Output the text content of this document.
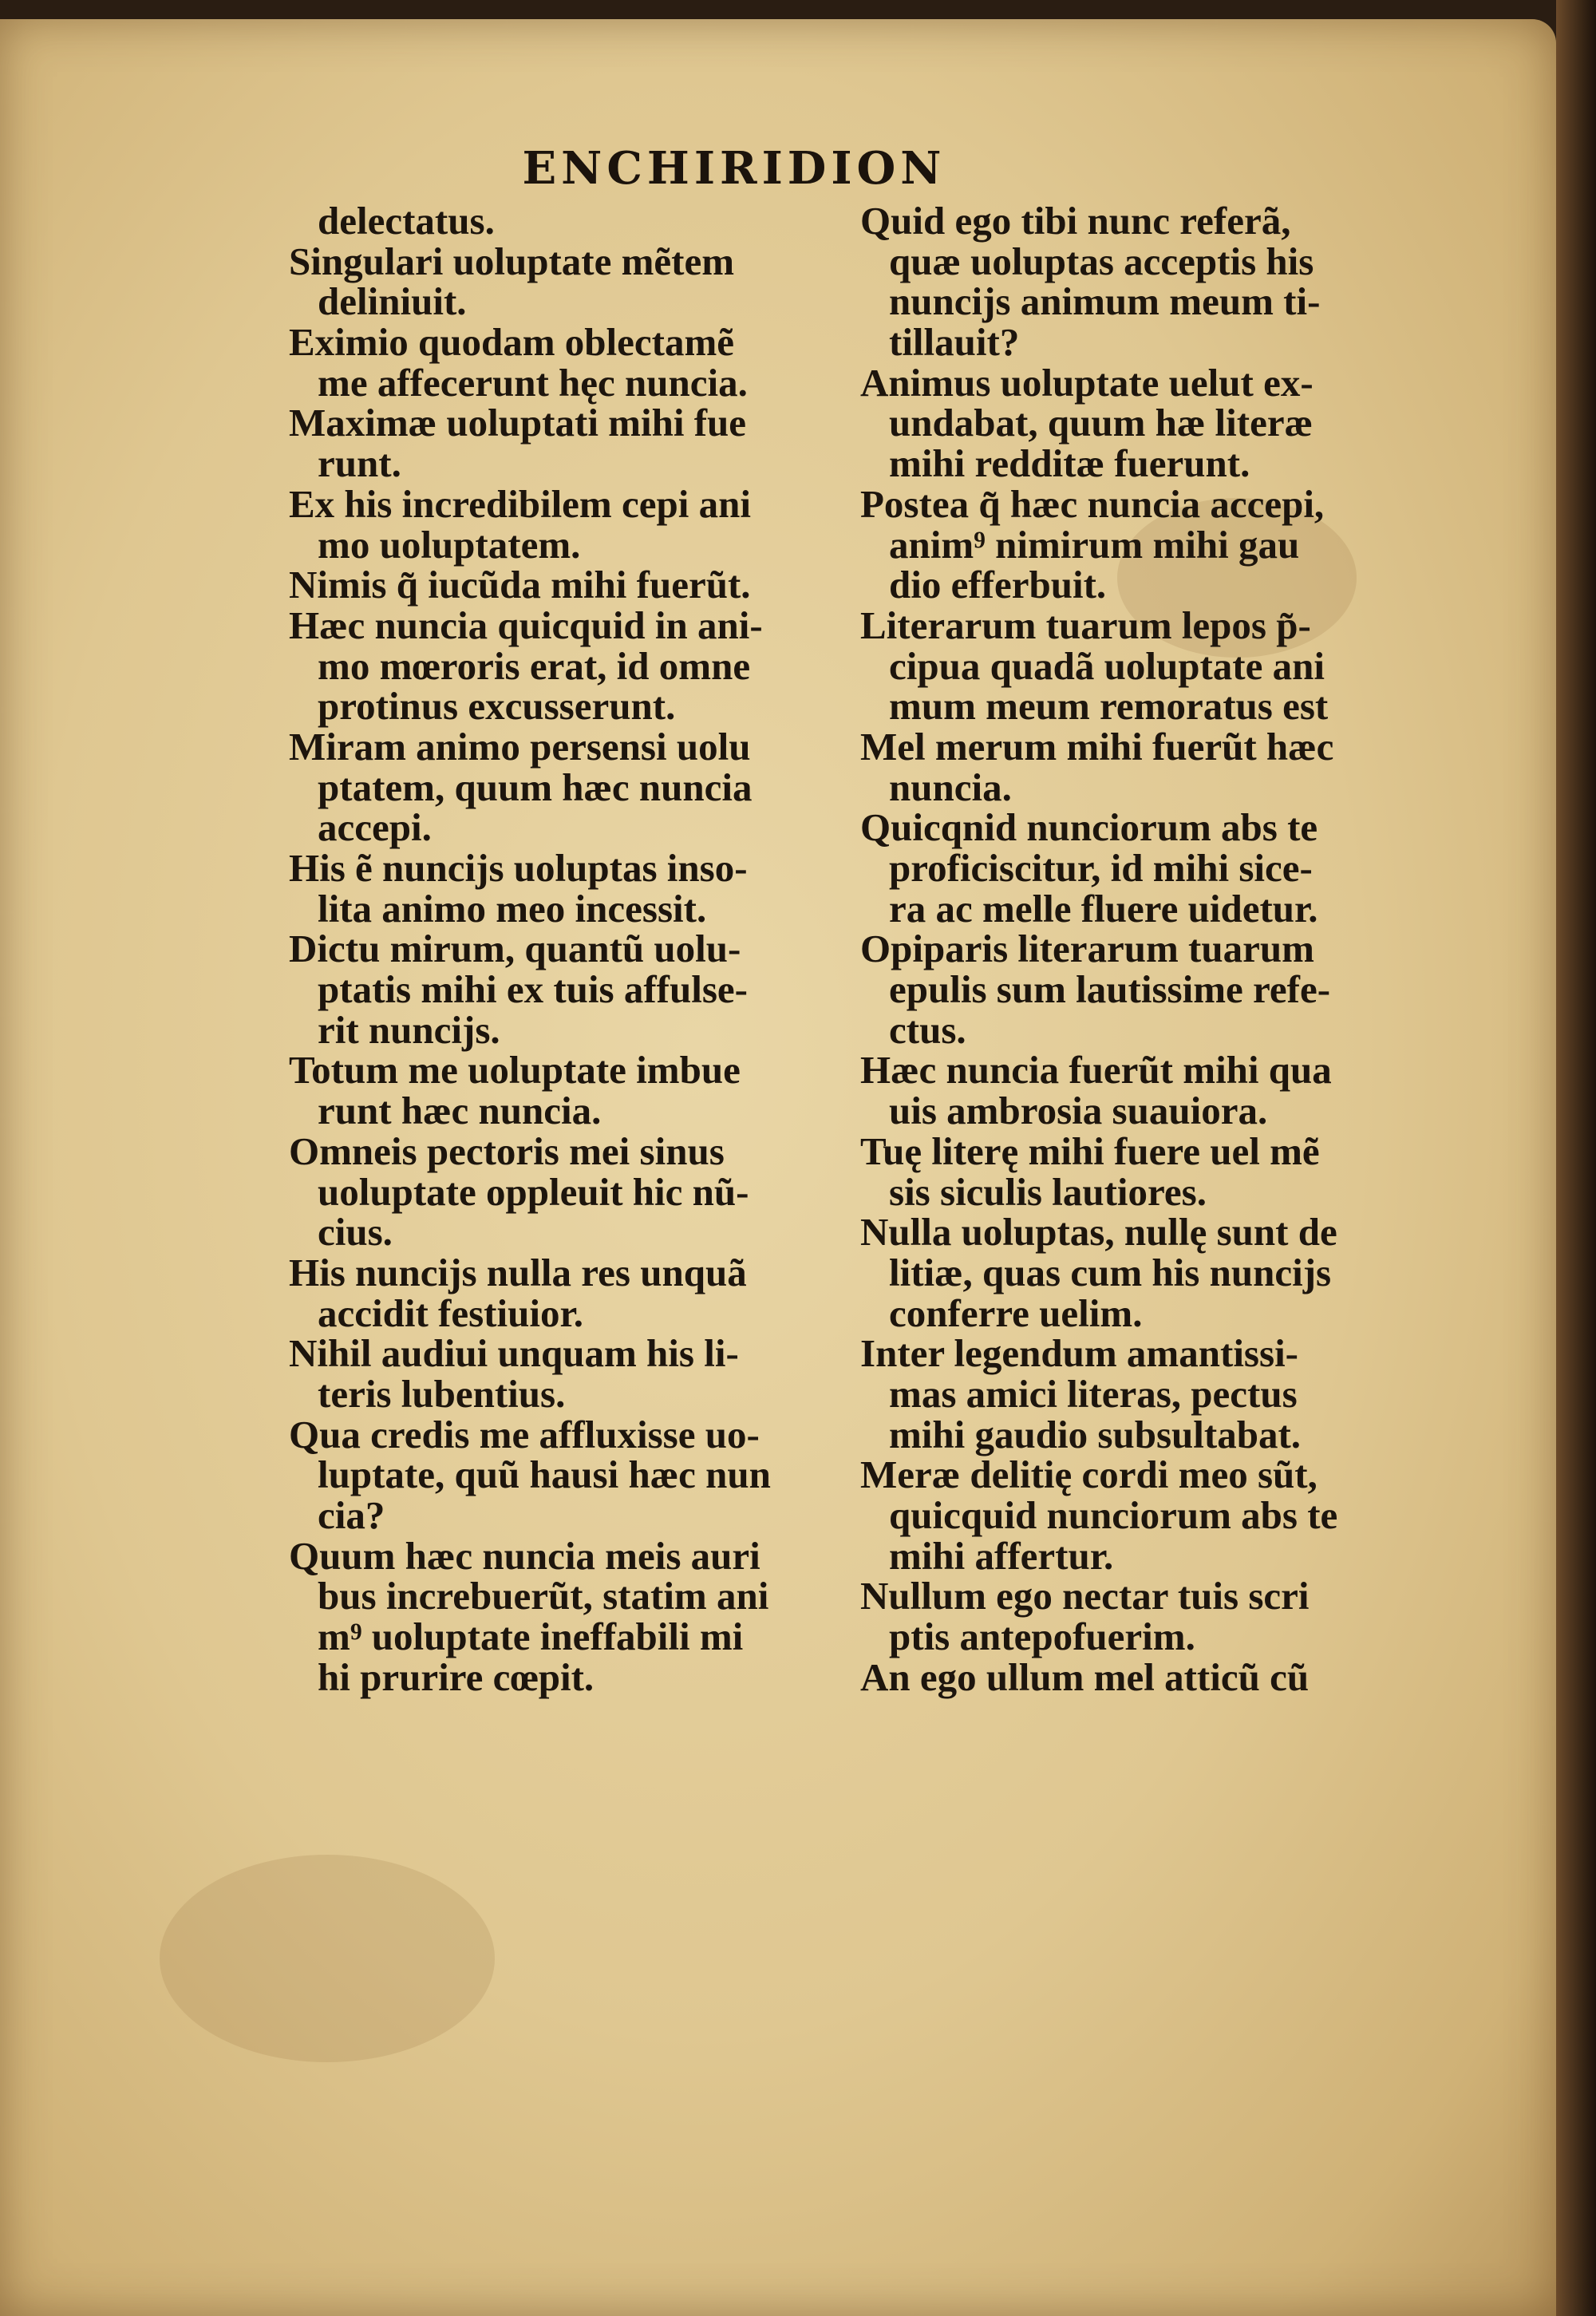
ENCHIRIDION
delectatus.
Singulari uoluptate mẽtem
deliniuit.
Eximio quodam oblectamẽ
me affecerunt hęc nuncia.
Maximæ uoluptati mihi fue
runt.
Ex his incredibilem cepi ani
mo uoluptatem.
Nimis q̃ iucũda mihi fuerũt.
Hæc nuncia quicquid in ani-
mo mœroris erat, id omne
protinus excusserunt.
Miram animo persensi uolu
ptatem, quum hæc nuncia
accepi.
His ẽ nuncijs uoluptas inso-
lita animo meo incessit.
Dictu mirum, quantũ uolu-
ptatis mihi ex tuis affulse-
rit nuncijs.
Totum me uoluptate imbue
runt hæc nuncia.
Omneis pectoris mei sinus
uoluptate oppleuit hic nũ-
cius.
His nuncijs nulla res unquã
accidit festiuior.
Nihil audiui unquam his li-
teris lubentius.
Qua credis me affluxisse uo-
luptate, quũ hausi hæc nun
cia?
Quum hæc nuncia meis auri
bus increbuerũt, statim ani
m⁹ uoluptate ineffabili mi
hi prurire cœpit.
Quid ego tibi nunc referã,
quæ uoluptas acceptis his
nuncijs animum meum ti-
tillauit?
Animus uoluptate uelut ex-
undabat, quum hæ literæ
mihi redditæ fuerunt.
Postea q̃ hæc nuncia accepi,
anim⁹ nimirum mihi gau
dio efferbuit.
Literarum tuarum lepos p̃-
cipua quadã uoluptate ani
mum meum remoratus est
Mel merum mihi fuerũt hæc
nuncia.
Quicqnid nunciorum abs te
proficiscitur, id mihi sice-
ra ac melle fluere uidetur.
Opiparis literarum tuarum
epulis sum lautissime refe-
ctus.
Hæc nuncia fuerũt mihi qua
uis ambrosia suauiora.
Tuę literę mihi fuere uel mẽ
sis siculis lautiores.
Nulla uoluptas, nullę sunt de
litiæ, quas cum his nuncijs
conferre uelim.
Inter legendum amantissi-
mas amici literas, pectus
mihi gaudio subsultabat.
Meræ delitię cordi meo sũt,
quicquid nunciorum abs te
mihi affertur.
Nullum ego nectar tuis scri
ptis antepofuerim.
An ego ullum mel atticũ cũ
